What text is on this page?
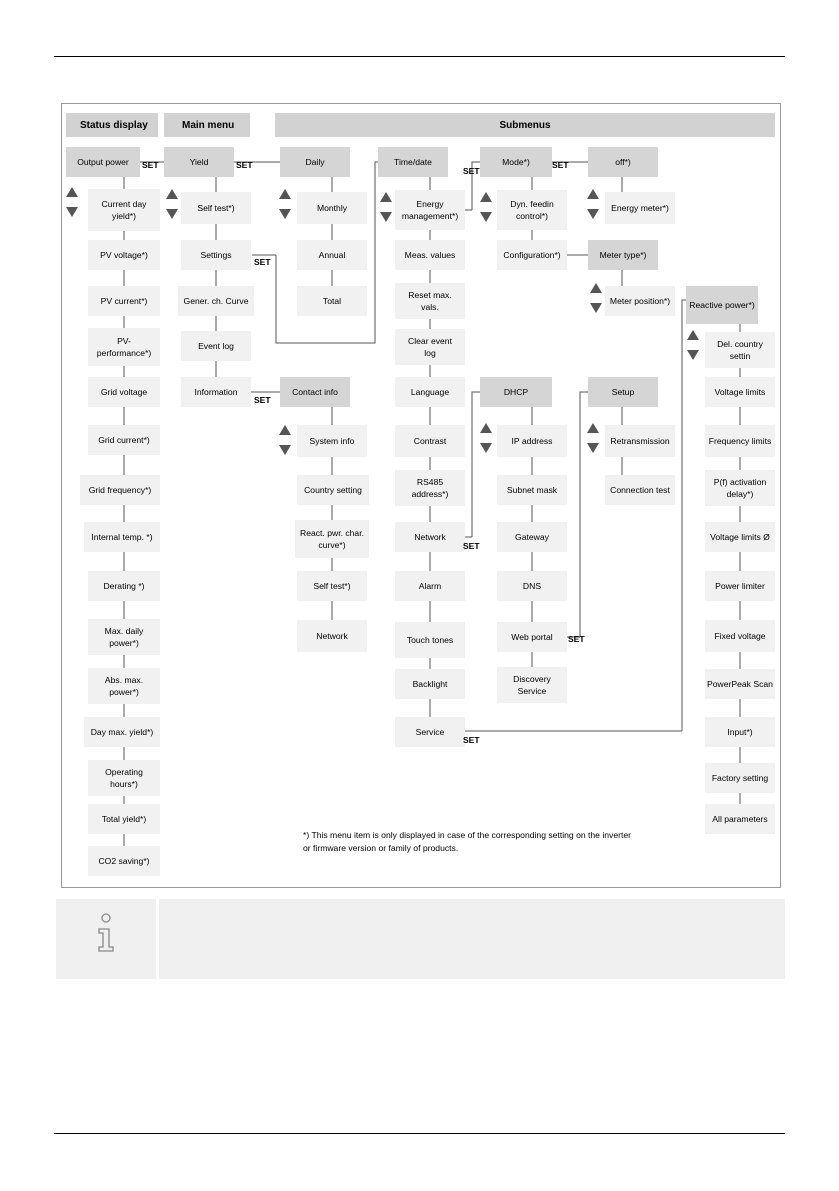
Status display	Main menu	Submenus
Output power
Current day
yield*)
PV voltage*)
PV current*)
PV-
performance*)
Grid voltage
Grid current*)
Grid frequency*)
Internal temp. *)
Derating *)
Max. daily
power*)
Abs. max.
power*)
Day max. yield*)
Operating
hours*)
Total yield*)
CO2 saving*)
Yield
Self test*)
Settings
Gener. ch. Curve
Event log
Information
Daily
Monthly
Annual
Total
Contact info
System info
Country setting
React. pwr. char.
curve*)
Self test*)
Network
Time/date
Energy
management*)
Meas. values
Reset max.
vals.
Clear event
log
Language
Contrast
RS485
address*)
Network
Alarm
Touch tones
Backlight
Service
Mode*)
Dyn. feedin
control*)
Configuration*)
DHCP
IP address
Subnet mask
Gateway
DNS
Web portal
Discovery
Service
off*)
Energy meter*)
Meter type*)
Meter position*)
Setup
Retransmission
Connection test
Reactive power*)
Del. country
settin
Voltage limits
Frequency limits
P(f) activation
delay*)
Voltage limits Ø
Power limiter
Fixed voltage
PowerPeak Scan
Input*)
Factory setting
All parameters
SET	SET
SET
SET
SET
SET
SET
SET
SET
*) This menu item is only displayed in case of the corresponding setting on the inverter
or firmware version or family of products.
